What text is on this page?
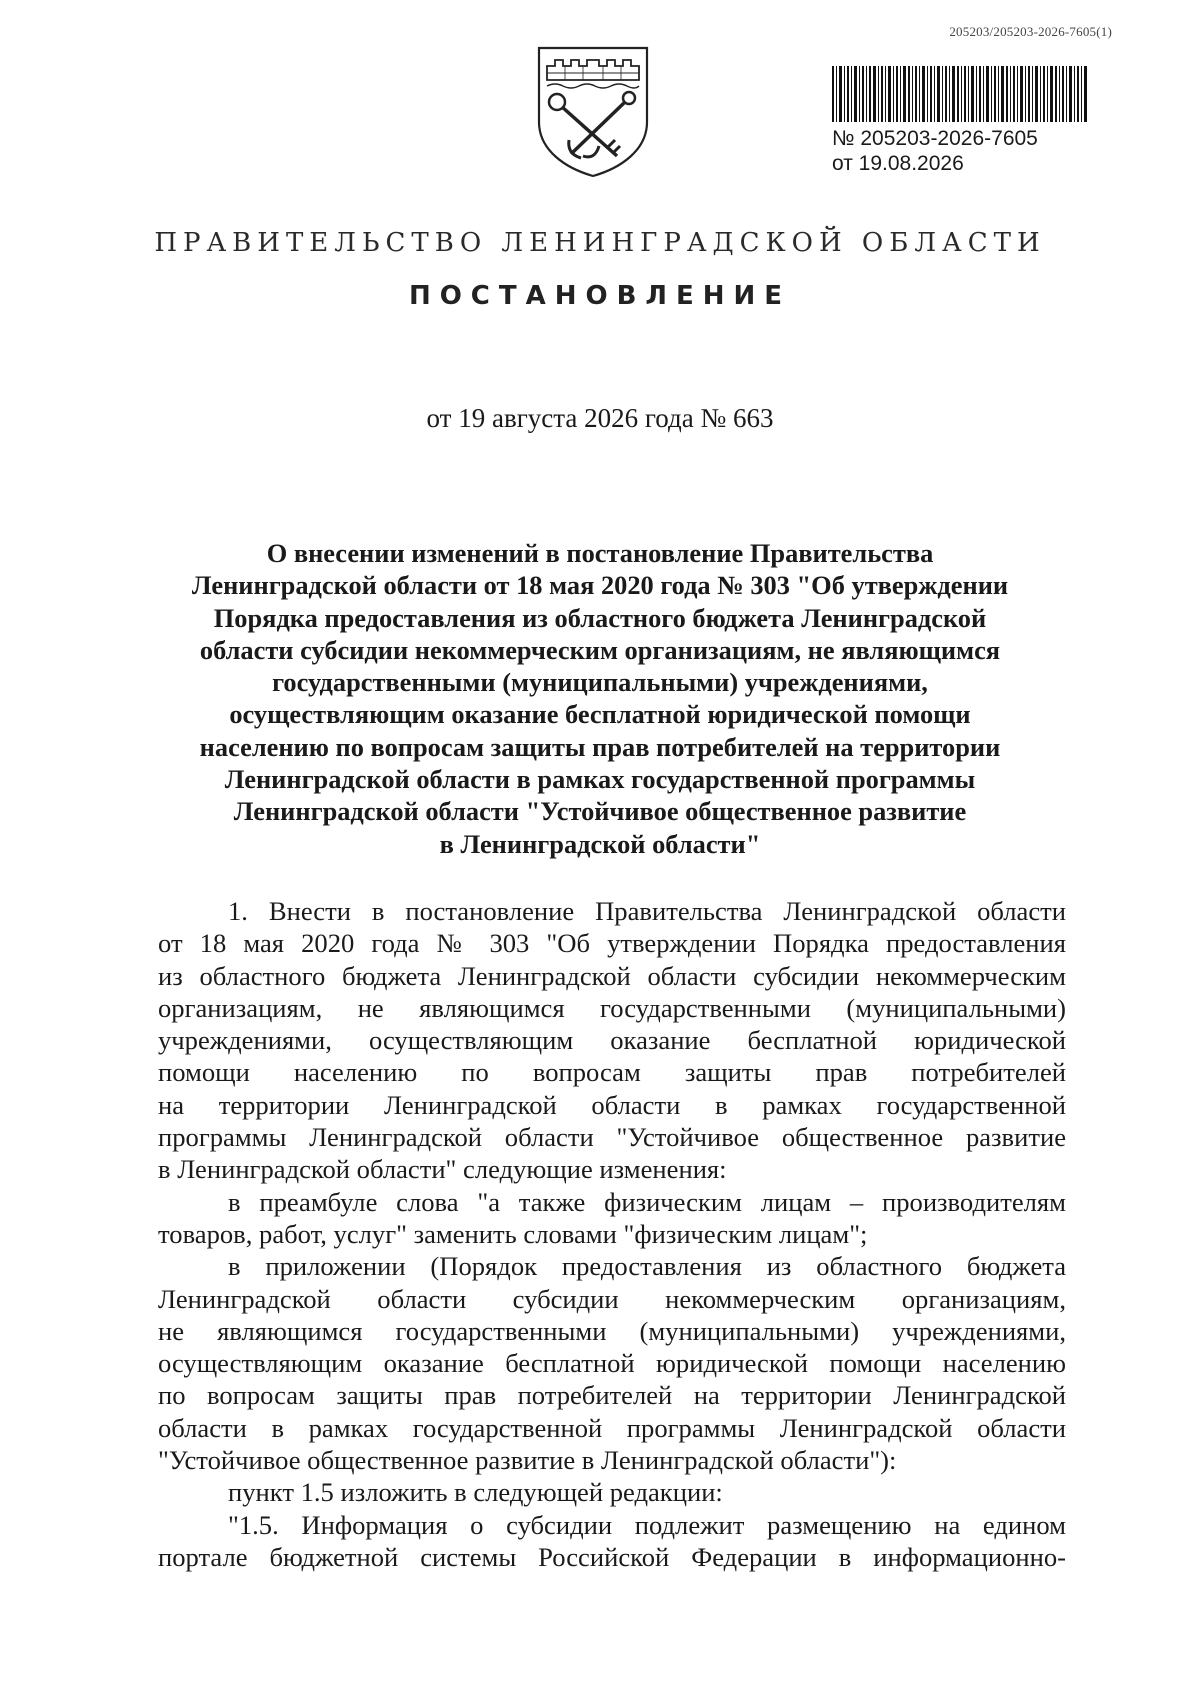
205203/205203-2026-7605(1)
№ 205203-2026-7605
от 19.08.2026
ПРАВИТЕЛЬСТВО ЛЕНИНГРАДСКОЙ ОБЛАСТИ
ПОСТАНОВЛЕНИЕ
от 19 августа 2026 года № 663
О внесении изменений в постановление Правительства
Ленинградской области от 18 мая 2020 года № 303 "Об утверждении
Порядка предоставления из областного бюджета Ленинградской
области субсидии некоммерческим организациям, не являющимся
государственными (муниципальными) учреждениями,
осуществляющим оказание бесплатной юридической помощи
населению по вопросам защиты прав потребителей на территории
Ленинградской области в рамках государственной программы
Ленинградской области "Устойчивое общественное развитие
в Ленинградской области"
1. Внести в постановление Правительства Ленинградской области
от 18 мая 2020 года № 303 "Об утверждении Порядка предоставления
из областного бюджета Ленинградской области субсидии некоммерческим
организациям, не являющимся государственными (муниципальными)
учреждениями, осуществляющим оказание бесплатной юридической
помощи населению по вопросам защиты прав потребителей
на территории Ленинградской области в рамках государственной
программы Ленинградской области "Устойчивое общественное развитие
в Ленинградской области" следующие изменения:
в преамбуле слова "а также физическим лицам – производителям
товаров, работ, услуг" заменить словами "физическим лицам";
в приложении (Порядок предоставления из областного бюджета
Ленинградской области субсидии некоммерческим организациям,
не являющимся государственными (муниципальными) учреждениями,
осуществляющим оказание бесплатной юридической помощи населению
по вопросам защиты прав потребителей на территории Ленинградской
области в рамках государственной программы Ленинградской области
"Устойчивое общественное развитие в Ленинградской области"):
пункт 1.5 изложить в следующей редакции:
"1.5. Информация о субсидии подлежит размещению на едином
портале бюджетной системы Российской Федерации в информационно-
